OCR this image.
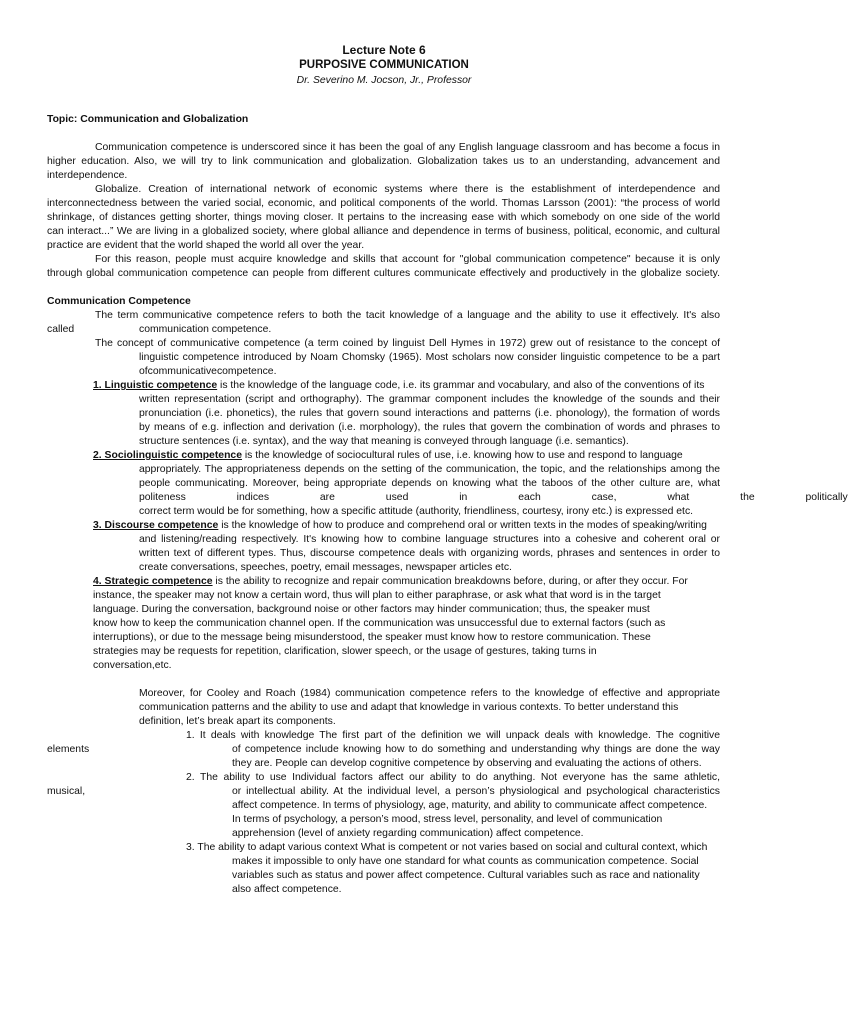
Lecture Note 6
PURPOSIVE COMMUNICATION
Dr. Severino M. Jocson, Jr., Professor
Topic: Communication and Globalization
Communication competence is underscored since it has been the goal of any English language classroom and has become a focus in
higher education. Also, we will try to link communication and globalization. Globalization takes us to an understanding, advancement and
interdependence.
Globalize. Creation of international network of economic systems where there is the establishment of interdependence and
interconnectedness between the varied social, economic, and political components of the world. Thomas Larsson (2001): “the process of world
shrinkage, of distances getting shorter, things moving closer. It pertains to the increasing ease with which somebody on one side of the world
can interact...” We are living in a globalized society, where global alliance and dependence in terms of business, political, economic, and cultural
practice are evident that the world shaped the world all over the year.
For this reason, people must acquire knowledge and skills that account for "global communication competence" because it is only
through global communication competence can people from different cultures communicate effectively and productively in the globalize society.
Communication Competence
The term communicative competence refers to both the tacit knowledge of a language and the ability to use it effectively. It's also
called	communication competence.
The concept of communicative competence (a term coined by linguist Dell Hymes in 1972) grew out of resistance to the concept of
linguistic competence introduced by Noam Chomsky (1965). Most scholars now consider linguistic competence to be a part
ofcommunicativecompetence.
1. Linguistic competence is the knowledge of the language code, i.e. its grammar and vocabulary, and also of the conventions of its
written representation (script and orthography). The grammar component includes the knowledge of the sounds and their
pronunciation (i.e. phonetics), the rules that govern sound interactions and patterns (i.e. phonology), the formation of words
by means of e.g. inflection and derivation (i.e. morphology), the rules that govern the combination of words and phrases to
structure sentences (i.e. syntax), and the way that meaning is conveyed through language (i.e. semantics).
2. Sociolinguistic competence is the knowledge of sociocultural rules of use, i.e. knowing how to use and respond to language
appropriately. The appropriateness depends on the setting of the communication, the topic, and the relationships among the
people communicating. Moreover, being appropriate depends on knowing what the taboos of the other culture are, what
politeness indices are used in each case, what the politically
correct term would be for something, how a specific attitude (authority, friendliness, courtesy, irony etc.) is expressed etc.
3. Discourse competence is the knowledge of how to produce and comprehend oral or written texts in the modes of speaking/writing
and listening/reading respectively. It's knowing how to combine language structures into a cohesive and coherent oral or
written text of different types. Thus, discourse competence deals with organizing words, phrases and sentences in order to
create conversations, speeches, poetry, email messages, newspaper articles etc.
4. Strategic competence is the ability to recognize and repair communication breakdowns before, during, or after they occur. For
instance, the speaker may not know a certain word, thus will plan to either paraphrase, or ask what that word is in the target
language. During the conversation, background noise or other factors may hinder communication; thus, the speaker must
know how to keep the communication channel open. If the communication was unsuccessful due to external factors (such as
interruptions), or due to the message being misunderstood, the speaker must know how to restore communication. These
strategies may be requests for repetition, clarification, slower speech, or the usage of gestures, taking turns in
conversation,etc.
Moreover, for Cooley and Roach (1984) communication competence refers to the knowledge of effective and appropriate
communication patterns and the ability to use and adapt that knowledge in various contexts. To better understand this
definition, let’s break apart its components.
1. It deals with knowledge The first part of the definition we will unpack deals with knowledge. The cognitive
elements	of competence include knowing how to do something and understanding why things are done the way
they are. People can develop cognitive competence by observing and evaluating the actions of others.
2. The ability to use Individual factors affect our ability to do anything. Not everyone has the same athletic,
musical,	or intellectual ability. At the individual level, a person’s physiological and psychological characteristics
affect competence. In terms of physiology, age, maturity, and ability to communicate affect competence.
In terms of psychology, a person’s mood, stress level, personality, and level of communication
apprehension (level of anxiety regarding communication) affect competence.
3. The ability to adapt various context What is competent or not varies based on social and cultural context, which
makes it impossible to only have one standard for what counts as communication competence. Social
variables such as status and power affect competence. Cultural variables such as race and nationality
also affect competence.
